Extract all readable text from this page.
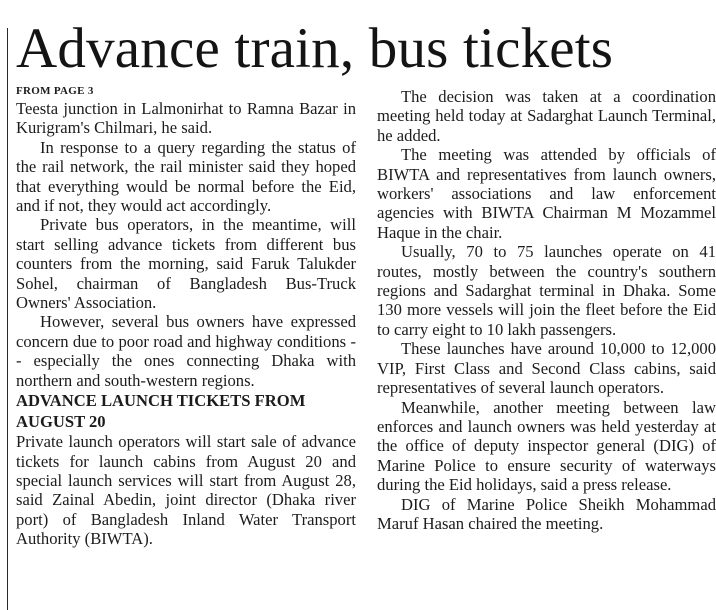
Advance train, bus tickets
FROM PAGE 3

Teesta junction in Lalmonirhat to Ramna Bazar in Kurigram's Chilmari, he said.

In response to a query regarding the status of the rail network, the rail minister said they hoped that everything would be normal before the Eid, and if not, they would act accordingly.

Private bus operators, in the meantime, will start selling advance tickets from different bus counters from the morning, said Faruk Talukder Sohel, chairman of Bangladesh Bus-Truck Owners' Association.

However, several bus owners have expressed concern due to poor road and highway conditions -- especially the ones connecting Dhaka with northern and south-western regions.

ADVANCE LAUNCH TICKETS FROM AUGUST 20

Private launch operators will start sale of advance tickets for launch cabins from August 20 and special launch services will start from August 28, said Zainal Abedin, joint director (Dhaka river port) of Bangladesh Inland Water Transport Authority (BIWTA).

The decision was taken at a coordination meeting held today at Sadarghat Launch Terminal, he added.

The meeting was attended by officials of BIWTA and representatives from launch owners, workers' associations and law enforcement agencies with BIWTA Chairman M Mozammel Haque in the chair.

Usually, 70 to 75 launches operate on 41 routes, mostly between the country's southern regions and Sadarghat terminal in Dhaka. Some 130 more vessels will join the fleet before the Eid to carry eight to 10 lakh passengers.

These launches have around 10,000 to 12,000 VIP, First Class and Second Class cabins, said representatives of several launch operators.

Meanwhile, another meeting between law enforces and launch owners was held yesterday at the office of deputy inspector general (DIG) of Marine Police to ensure security of waterways during the Eid holidays, said a press release.

DIG of Marine Police Sheikh Mohammad Maruf Hasan chaired the meeting.
